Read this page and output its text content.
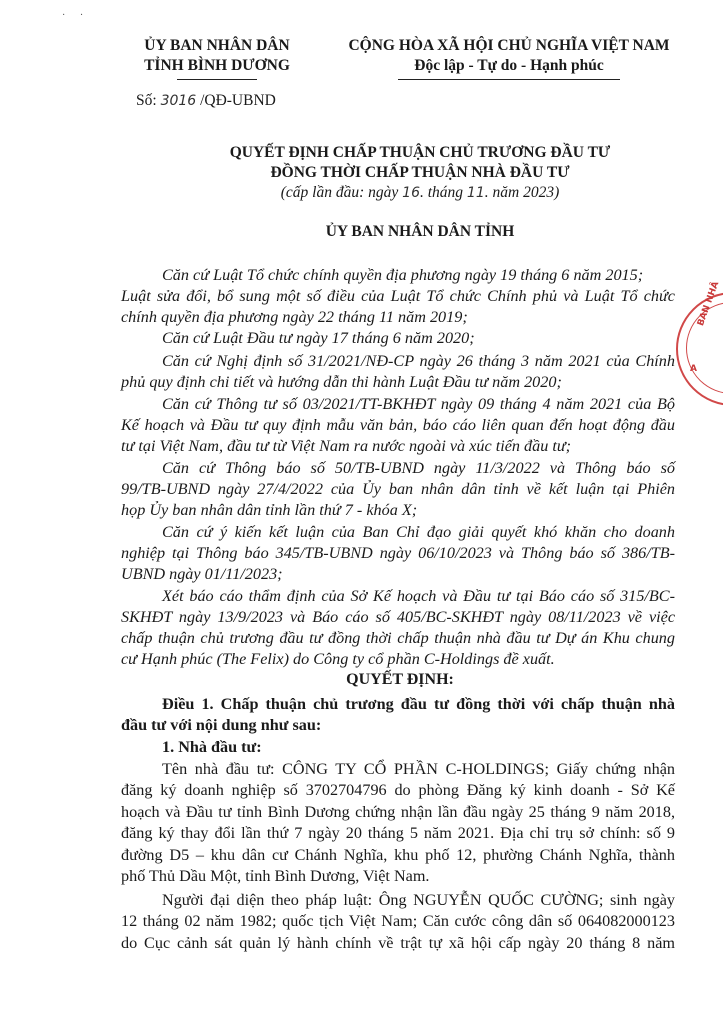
· ·
ỦY BAN NHÂN DÂN
TỈNH BÌNH DƯƠNG
CỘNG HÒA XÃ HỘI CHỦ NGHĨA VIỆT NAM
Độc lập - Tự do - Hạnh phúc
Số: 3016 /QĐ-UBND
QUYẾT ĐỊNH CHẤP THUẬN CHỦ TRƯƠNG ĐẦU TƯ
ĐỒNG THỜI CHẤP THUẬN NHÀ ĐẦU TƯ
(cấp lần đầu: ngày 16. tháng 11. năm 2023)
ỦY BAN NHÂN DÂN TỈNH
BAN NHÂ
A
Căn cứ Luật Tổ chức chính quyền địa phương ngày 19 tháng 6 năm 2015;
Luật sửa đổi, bổ sung một số điều của Luật Tổ chức Chính phủ và Luật Tổ chức
chính quyền địa phương ngày 22 tháng 11 năm 2019;
Căn cứ Luật Đầu tư ngày 17 tháng 6 năm 2020;
Căn cứ Nghị định số 31/2021/NĐ-CP ngày 26 tháng 3 năm 2021 của Chính
phủ quy định chi tiết và hướng dẫn thi hành Luật Đầu tư năm 2020;
Căn cứ Thông tư số 03/2021/TT-BKHĐT ngày 09 tháng 4 năm 2021 của Bộ
Kế hoạch và Đầu tư quy định mẫu văn bản, báo cáo liên quan đến hoạt động đầu
tư tại Việt Nam, đầu tư từ Việt Nam ra nước ngoài và xúc tiến đầu tư;
Căn cứ Thông báo số 50/TB-UBND ngày 11/3/2022 và Thông báo số
99/TB-UBND ngày 27/4/2022 của Ủy ban nhân dân tỉnh về kết luận tại Phiên
họp Ủy ban nhân dân tỉnh lần thứ 7 - khóa X;
Căn cứ ý kiến kết luận của Ban Chỉ đạo giải quyết khó khăn cho doanh
nghiệp tại Thông báo 345/TB-UBND ngày 06/10/2023 và Thông báo số 386/TB-
UBND ngày 01/11/2023;
Xét báo cáo thẩm định của Sở Kế hoạch và Đầu tư tại Báo cáo số 315/BC-
SKHĐT ngày 13/9/2023 và Báo cáo số 405/BC-SKHĐT ngày 08/11/2023 về việc
chấp thuận chủ trương đầu tư đồng thời chấp thuận nhà đầu tư Dự án Khu chung
cư Hạnh phúc (The Felix) do Công ty cổ phần C-Holdings đề xuất.
QUYẾT ĐỊNH:
Điều 1. Chấp thuận chủ trương đầu tư đồng thời với chấp thuận nhà
đầu tư với nội dung như sau:
1. Nhà đầu tư:
Tên nhà đầu tư: CÔNG TY CỔ PHẦN C-HOLDINGS; Giấy chứng nhận
đăng ký doanh nghiệp số 3702704796 do phòng Đăng ký kinh doanh - Sở Kế
hoạch và Đầu tư tỉnh Bình Dương chứng nhận lần đầu ngày 25 tháng 9 năm 2018,
đăng ký thay đổi lần thứ 7 ngày 20 tháng 5 năm 2021. Địa chỉ trụ sở chính: số 9
đường D5 – khu dân cư Chánh Nghĩa, khu phố 12, phường Chánh Nghĩa, thành
phố Thủ Dầu Một, tỉnh Bình Dương, Việt Nam.
Người đại diện theo pháp luật: Ông NGUYỄN QUỐC CƯỜNG; sinh ngày
12 tháng 02 năm 1982; quốc tịch Việt Nam; Căn cước công dân số 064082000123
do Cục cảnh sát quản lý hành chính về trật tự xã hội cấp ngày 20 tháng 8 năm
